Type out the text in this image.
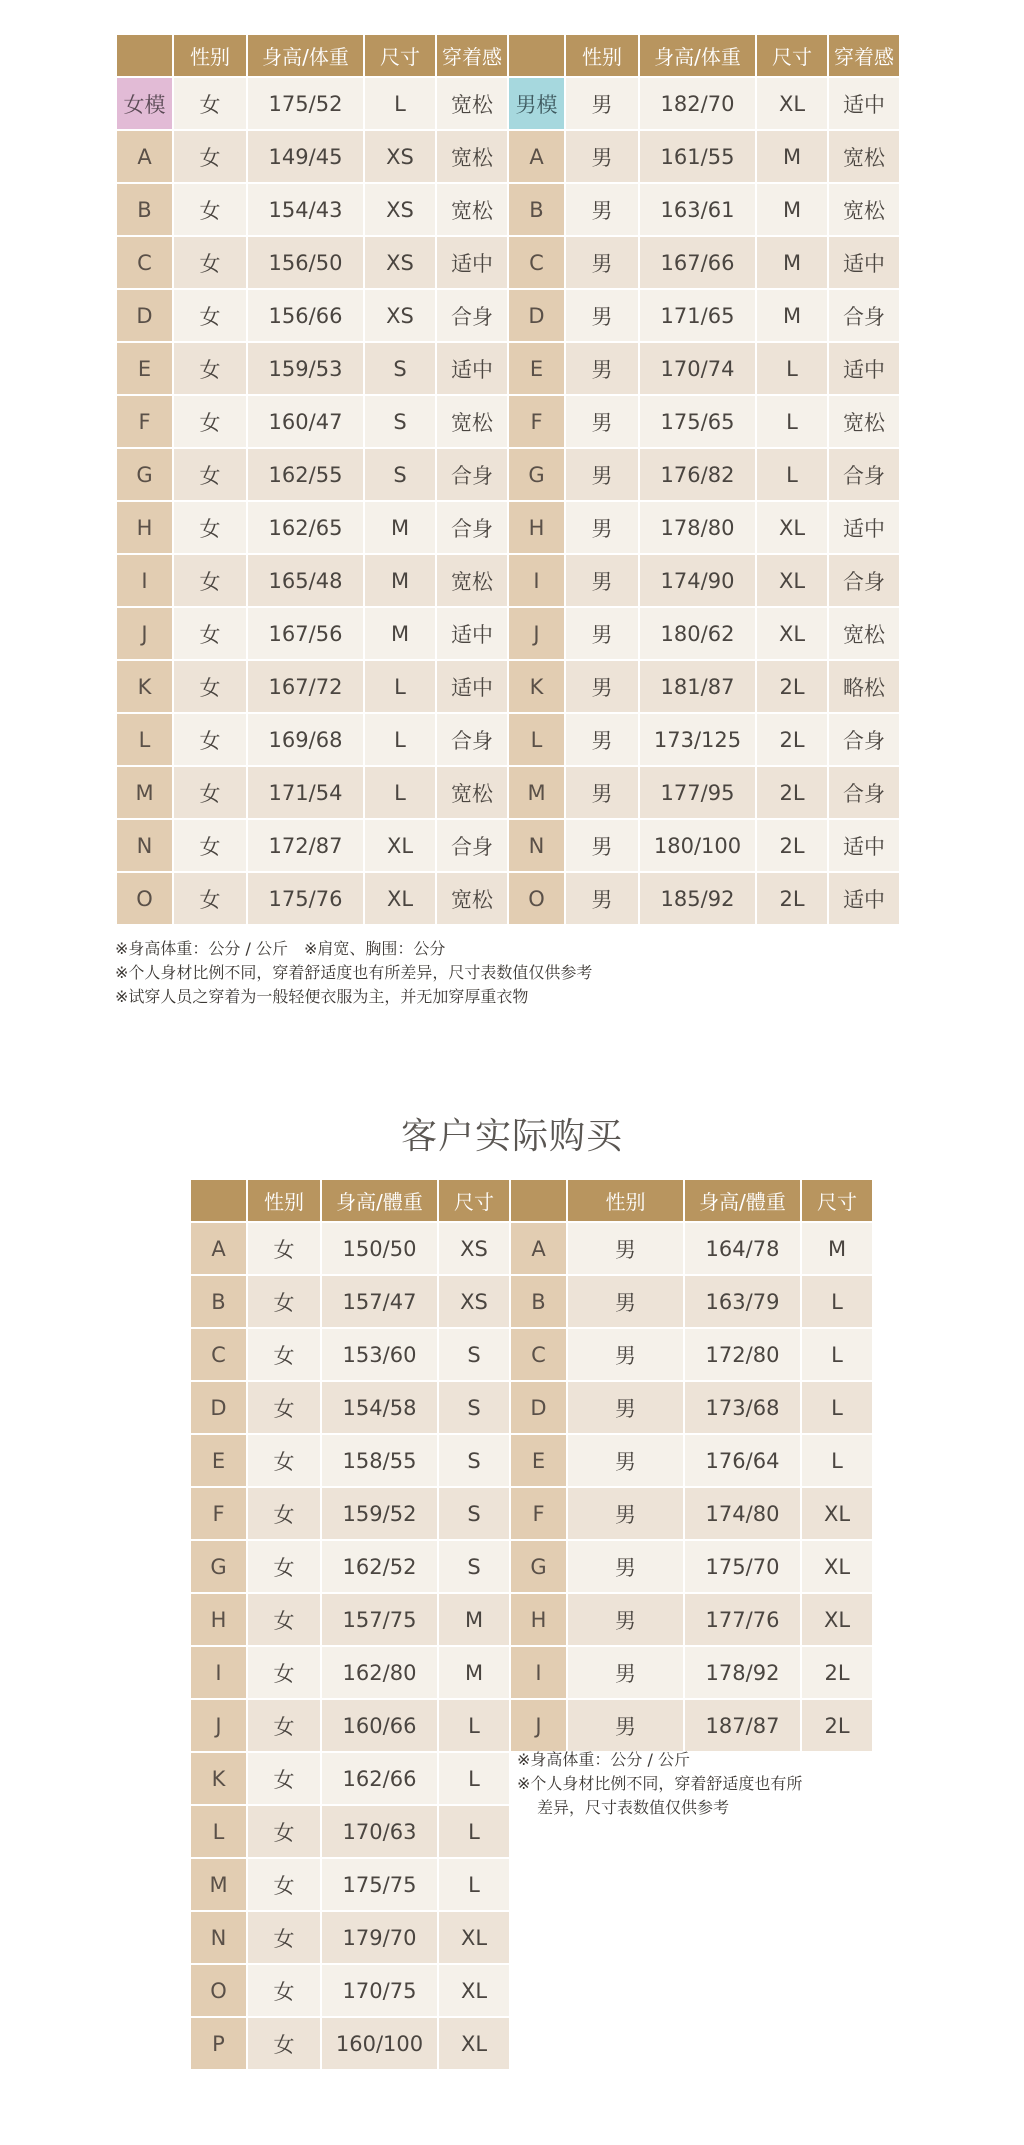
	性别	身高/体重	尺寸	穿着感		性别	身高/体重	尺寸	穿着感
女模	女	175/52	L	宽松	男模	男	182/70	XL	适中
A	女	149/45	XS	宽松	A	男	161/55	M	宽松
B	女	154/43	XS	宽松	B	男	163/61	M	宽松
C	女	156/50	XS	适中	C	男	167/66	M	适中
D	女	156/66	XS	合身	D	男	171/65	M	合身
E	女	159/53	S	适中	E	男	170/74	L	适中
F	女	160/47	S	宽松	F	男	175/65	L	宽松
G	女	162/55	S	合身	G	男	176/82	L	合身
H	女	162/65	M	合身	H	男	178/80	XL	适中
I	女	165/48	M	宽松	I	男	174/90	XL	合身
J	女	167/56	M	适中	J	男	180/62	XL	宽松
K	女	167/72	L	适中	K	男	181/87	2L	略松
L	女	169/68	L	合身	L	男	173/125	2L	合身
M	女	171/54	L	宽松	M	男	177/95	2L	合身
N	女	172/87	XL	合身	N	男	180/100	2L	适中
O	女	175/76	XL	宽松	O	男	185/92	2L	适中
※身高体重：公分 / 公斤　※肩宽、胸围：公分
※个人身材比例不同，穿着舒适度也有所差异，尺寸表数值仅供参考
※试穿人员之穿着为一般轻便衣服为主，并无加穿厚重衣物
客户实际购买
	性别	身高/體重	尺寸		性别	身高/體重	尺寸
A	女	150/50	XS	A	男	164/78	M
B	女	157/47	XS	B	男	163/79	L
C	女	153/60	S	C	男	172/80	L
D	女	154/58	S	D	男	173/68	L
E	女	158/55	S	E	男	176/64	L
F	女	159/52	S	F	男	174/80	XL
G	女	162/52	S	G	男	175/70	XL
H	女	157/75	M	H	男	177/76	XL
I	女	162/80	M	I	男	178/92	2L
J	女	160/66	L	J	男	187/87	2L
K	女	162/66	L				
L	女	170/63	L				
M	女	175/75	L				
N	女	179/70	XL				
O	女	170/75	XL				
P	女	160/100	XL				
※身高体重：公分 / 公斤
※个人身材比例不同，穿着舒适度也有所
差异，尺寸表数值仅供参考
